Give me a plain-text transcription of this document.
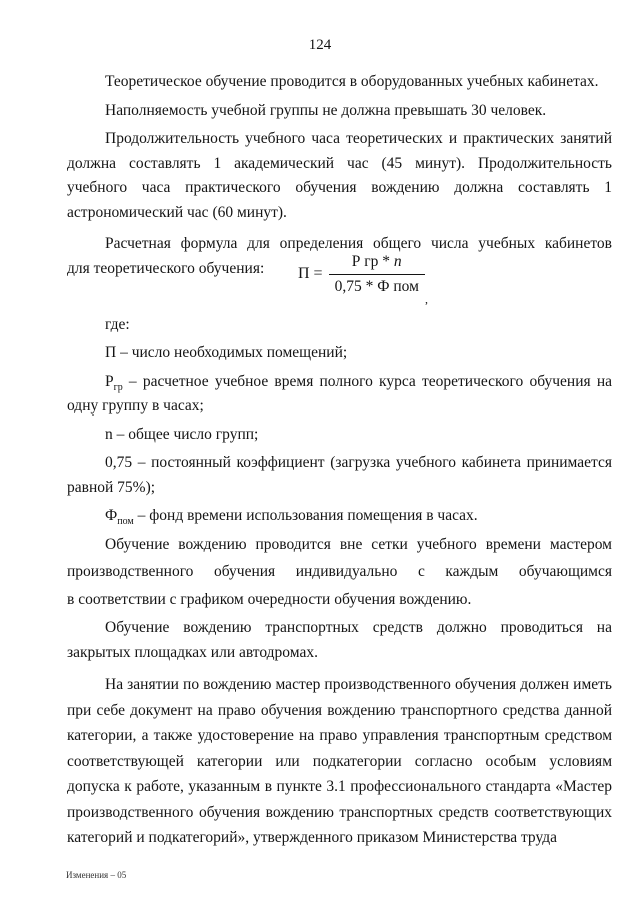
124

Теоретическое обучение проводится в оборудованных учебных кабинетах.

Наполняемость учебной группы не должна превышать 30 человек.

Продолжительность учебного часа теоретических и практических занятий должна составлять 1 академический час (45 минут). Продолжительность учебного часа практического обучения вождению должна составлять 1 астрономический час (60 минут).

Расчетная формула для определения общего числа учебных кабинетов

для теоретического обучения: $П = \frac{\text{Р гр * n}}{\text{0,75 * Ф пом}}$
,

где:

П – число необходимых помещений;

$Р_{гр}$ – расчетное учебное время полного курса теоретического обучения на одну группу в часах;

n – общее число групп;

0,75 – постоянный коэффициент (загрузка учебного кабинета принимается равной 75%);

$Ф_{пом}$ – фонд времени использования помещения в часах.

Обучение вождению проводится вне сетки учебного времени мастером

производственного обучения индивидуально с каждым обучающимся

в соответствии с графиком очередности обучения вождению.

Обучение вождению транспортных средств должно проводиться на закрытых площадках или автодромах.

На занятии по вождению мастер производственного обучения должен иметь при себе документ на право обучения вождению транспортного средства данной категории, а также удостоверение на право управления транспортным средством соответствующей категории или подкатегории согласно особым условиям допуска к работе, указанным в пункте 3.1 профессионального стандарта «Мастер производственного обучения вождению транспортных средств соответствующих категорий и подкатегорий», утвержденного приказом Министерства труда

Изменения – 05
